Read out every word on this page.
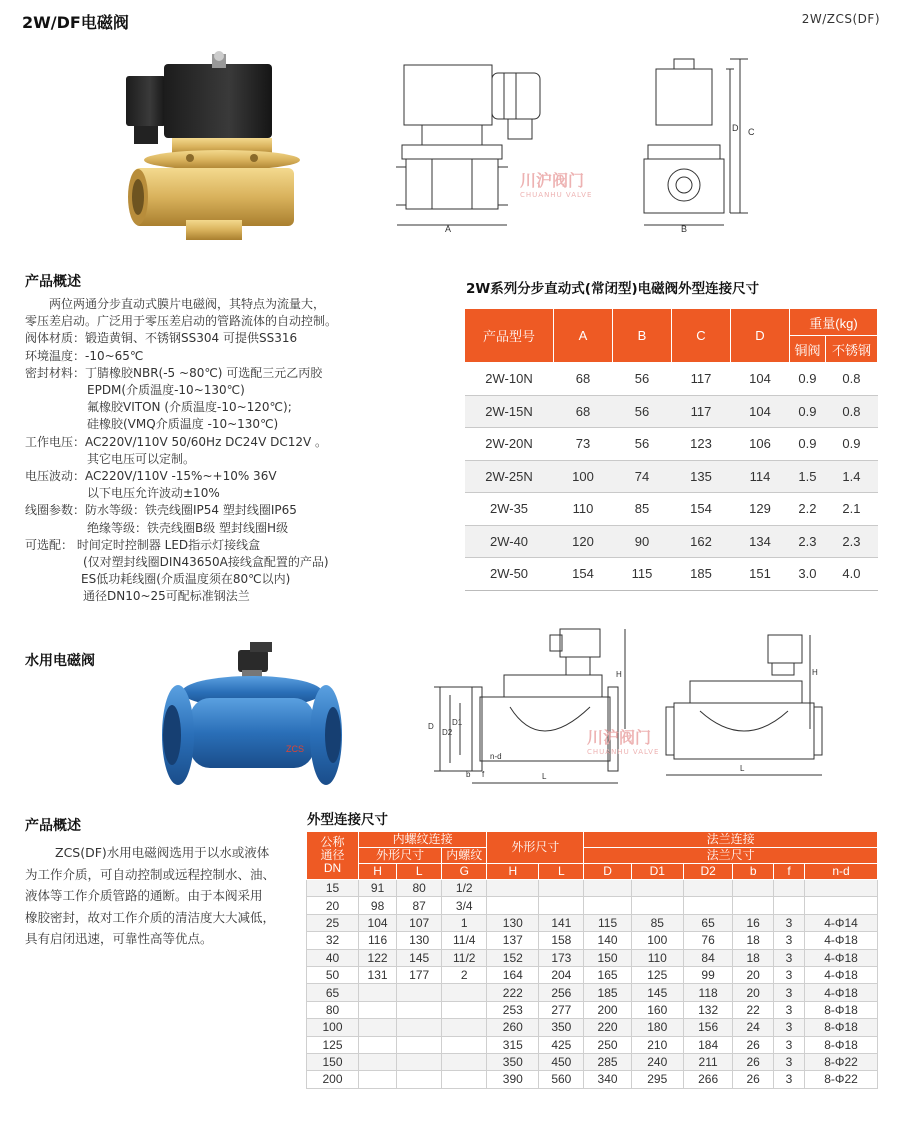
2W/DF电磁阀	2W/ZCS(DF)
A	B
C
D
川沪阀门
CHUANHU VALVE
产品概述
两位两通分步直动式膜片电磁阀，其特点为流量大，
零压差启动。广泛用于零压差启动的管路流体的自动控制。
阀体材质：锻造黄铜、不锈钢SS304 可提供SS316
环境温度：-10~65℃
密封材料：丁腈橡胶NBR(-5 ~80℃) 可选配三元乙丙胶
EPDM(介质温度-10~130℃)
氟橡胶VITON (介质温度-10~120℃);
硅橡胶(VMQ介质温度 -10~130℃)
工作电压：AC220V/110V 50/60Hz DC24V DC12V 。
其它电压可以定制。
电压波动：AC220V/110V -15%~+10% 36V
以下电压允许波动±10%
线圈参数：防水等级：铁壳线圈IP54 塑封线圈IP65
绝缘等级：铁壳线圈B级 塑封线圈H级
可选配： 时间定时控制器 LED指示灯接线盒
(仅对塑封线圈DIN43650A接线盒配置的产品)
ES低功耗线圈(介质温度须在80℃以内)
通径DN10~25可配标准钢法兰
2W系列分步直动式(常闭型)电磁阀外型连接尺寸
产品型号	A	B	C	D	重量(kg)	
					铜阀	不锈钢
2W-10N	68	56	117	104	0.9	0.8
2W-15N	68	56	117	104	0.9	0.8
2W-20N	73	56	123	106	0.9	0.9
2W-25N	100	74	135	114	1.5	1.4
2W-35	110	85	154	129	2.2	2.1
2W-40	120	90	162	134	2.3	2.3
2W-50	154	115	185	151	3.0	4.0
水用电磁阀
ZCS
D
D2
D1
n-d
b f	L
H
L
H
川沪阀门
CHUANHU VALVE
产品概述
ZCS(DF)水用电磁阀选用于以水或液体
为工作介质，可自动控制或远程控制水、油、
液体等工作介质管路的通断。由于本阀采用
橡胶密封，故对工作介质的清洁度大大减低，
具有启闭迅速，可靠性高等优点。
外型连接尺寸
公称
通径
DN	内螺纹连接			外形尺寸		法兰连接					
	外形尺寸		内螺纹			法兰尺寸					
	H	L	G	H	L	D	D1	D2	b	f	n-d
15	91	80	1/2								
20	98	87	3/4								
25	104	107	1	130	141	115	85	65	16	3	4-Φ14
32	116	130	11/4	137	158	140	100	76	18	3	4-Φ18
40	122	145	11/2	152	173	150	110	84	18	3	4-Φ18
50	131	177	2	164	204	165	125	99	20	3	4-Φ18
65				222	256	185	145	118	20	3	4-Φ18
80				253	277	200	160	132	22	3	8-Φ18
100				260	350	220	180	156	24	3	8-Φ18
125				315	425	250	210	184	26	3	8-Φ18
150				350	450	285	240	211	26	3	8-Φ22
200				390	560	340	295	266	26	3	8-Φ22
